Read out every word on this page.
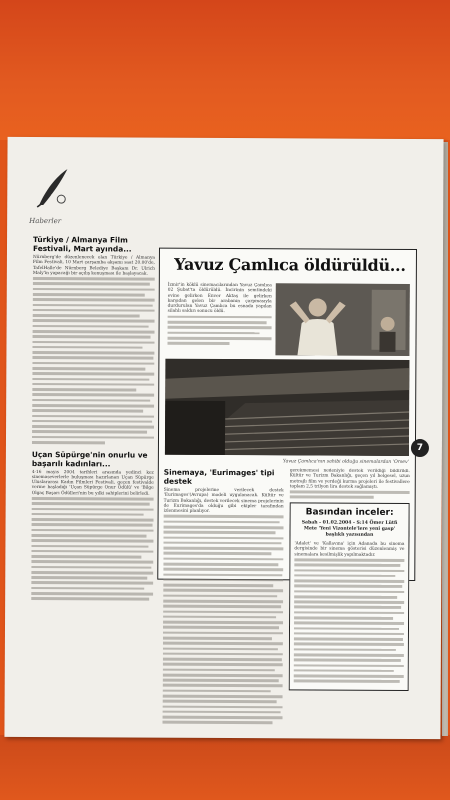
Haberler
Türkiye / Almanya Film Festivali, Mart ayında...
Nürnberg'de düzenlenecek olan Türkiye / Almanya Film Festivali, 10 Mart çarşamba akşamı saat 20.00'de, TafelHalle'de Nürnberg Belediye Başkanı Dr. Ulrich Maly'in yapacağı bir açılış konuşması ile başlayacak.
Uçan Süpürge'nin onurlu ve başarılı kadınları...
4-16 mayıs 2004 tarihleri arasında yedinci kez sinemaseverlerle buluşması hazırlanan Uçan Süpürge Uluslararası Kadın Filmleri Festivali, geçen festivalde verme başladığı 'Uçan Süpürge Onur Ödülü' ve 'Bilge Olgaç Başarı Ödülleri'nin bu yılki sahiplerini belirledi.
Yavuz Çamlıca öldürüldü...
İzmir'in köklü sinemacılarından Yavuz Çamlıca 02 Şubat'ta öldürüldü. İncirinin semtindeki evine gelirken Enver Aktaş ile gelirken karşıdan gelen bir arabanın çarpmasıyla durdurulan Yavuz Çamlıca bu esnada yapılan silahlı saldırı sonucu öldü.
Yavuz Çamlıca'nın sahibi olduğu sinemalardan 'Orsev'
7
Sinemaya, 'Eurimages' tipi destek
Sinema projelerine verilecek destek 'Eurimages'(Avrupa) modeli uygulanacak. Kültür ve Turizm Bakanlığı, destek verilecek sinema projelerinin de Eurimages'da olduğu gibi ekipler tarafından izlenmesini planlıyor.
gerekmemesi nedeniyle destek verildiği bildirildi. Kültür ve Turizm Bakanlığı, geçen yıl belgesel, uzun metrajlı film ve yerdeği kurma projeleri ile festivallere toplam 2,5 trilyon lira destek sağlamıştı.
Basından inceler:
Sabah - 01.02.2004 - S:14 Ömer Lütfi Mete 'Yeni Vizontele'lere yeni gasp' başlıklı yazısından
'Adalet' ve 'Kallavına' için Adanada bu sinema dergisinde bir sinema gösterisi düzenlenmiş ve sinemalara kesilmişlik yapılmaktadır.
